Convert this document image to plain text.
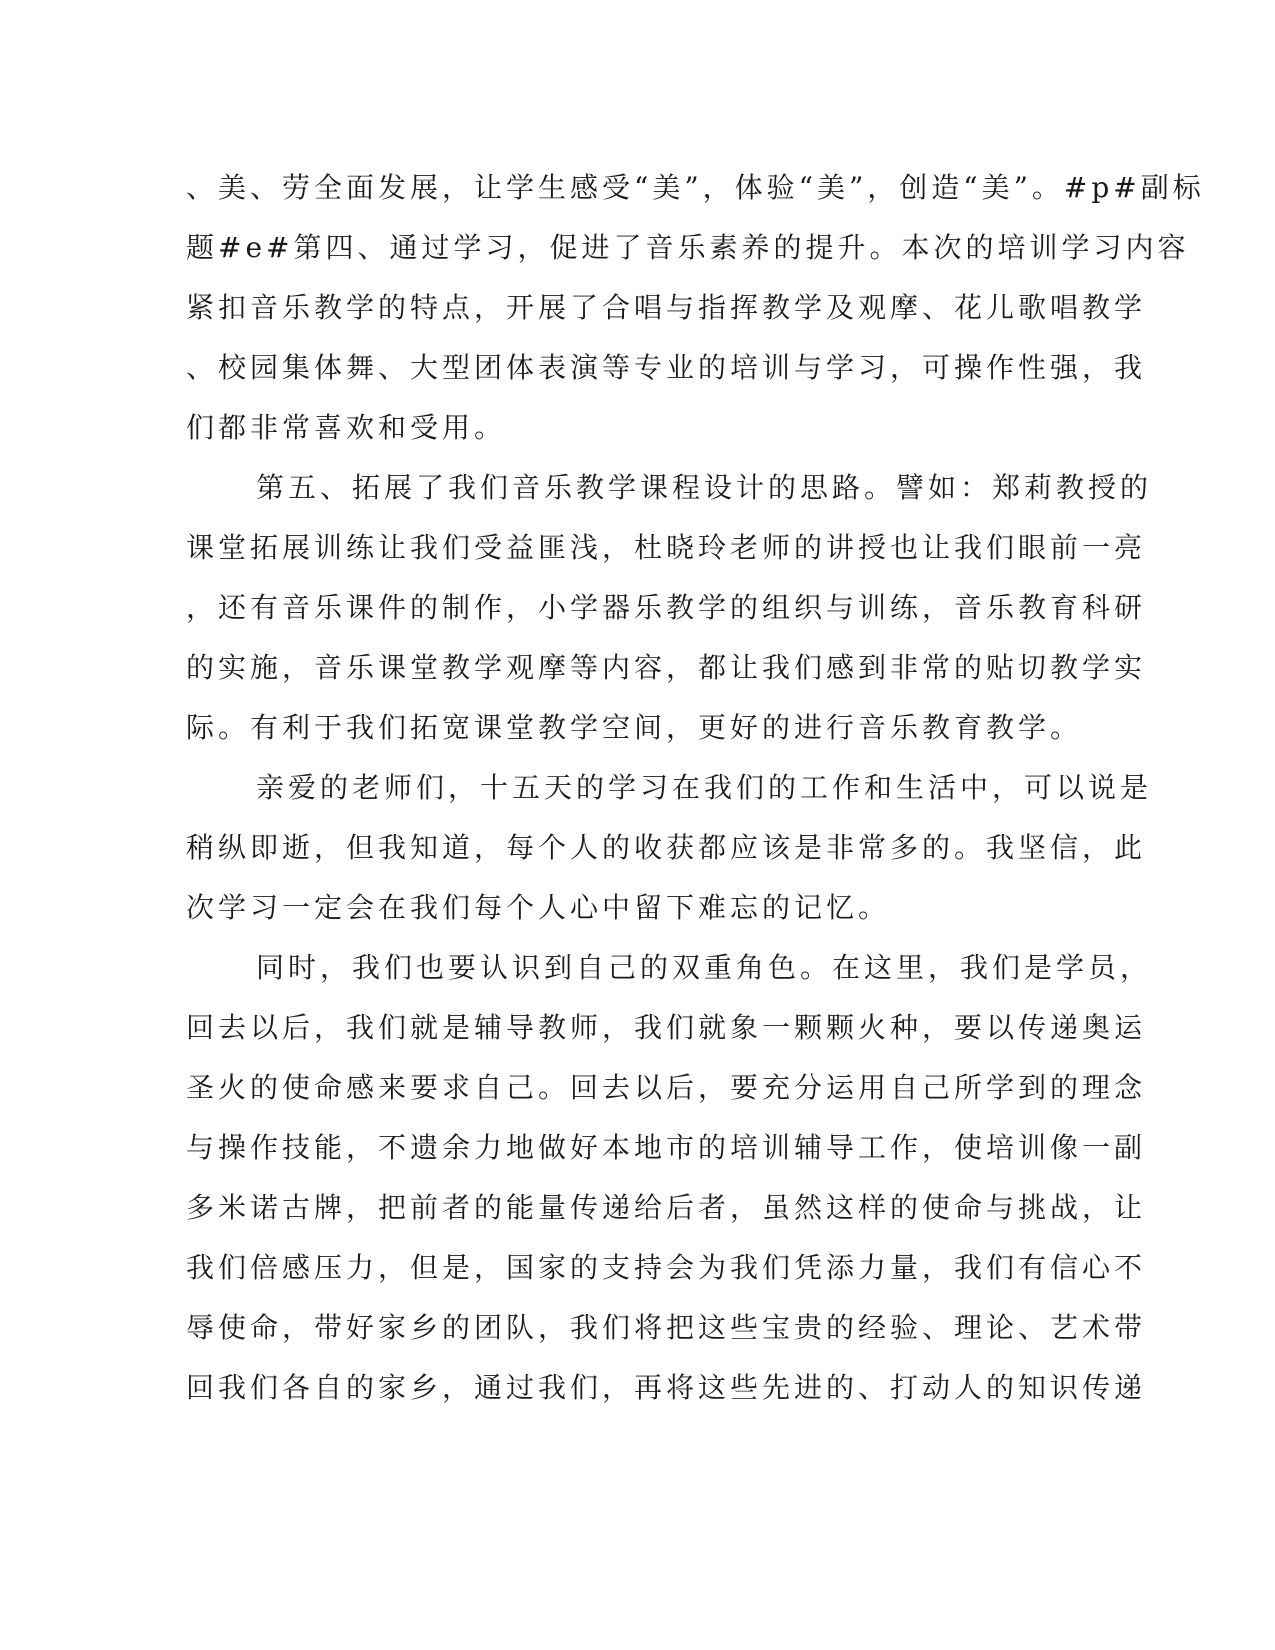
、美、劳全面发展，让学生感受“美”，体验“美”，创造“美”。#p#副标
题#e#第四、通过学习，促进了音乐素养的提升。本次的培训学习内容
紧扣音乐教学的特点，开展了合唱与指挥教学及观摩、花儿歌唱教学
、校园集体舞、大型团体表演等专业的培训与学习，可操作性强，我
们都非常喜欢和受用。
第五、拓展了我们音乐教学课程设计的思路。譬如：郑莉教授的
课堂拓展训练让我们受益匪浅，杜晓玲老师的讲授也让我们眼前一亮
，还有音乐课件的制作，小学器乐教学的组织与训练，音乐教育科研
的实施，音乐课堂教学观摩等内容，都让我们感到非常的贴切教学实
际。有利于我们拓宽课堂教学空间，更好的进行音乐教育教学。
亲爱的老师们，十五天的学习在我们的工作和生活中，可以说是
稍纵即逝，但我知道，每个人的收获都应该是非常多的。我坚信，此
次学习一定会在我们每个人心中留下难忘的记忆。
同时，我们也要认识到自己的双重角色。在这里，我们是学员，
回去以后，我们就是辅导教师，我们就象一颗颗火种，要以传递奥运
圣火的使命感来要求自己。回去以后，要充分运用自己所学到的理念
与操作技能，不遗余力地做好本地市的培训辅导工作，使培训像一副
多米诺古牌，把前者的能量传递给后者，虽然这样的使命与挑战，让
我们倍感压力，但是，国家的支持会为我们凭添力量，我们有信心不
辱使命，带好家乡的团队，我们将把这些宝贵的经验、理论、艺术带
回我们各自的家乡，通过我们，再将这些先进的、打动人的知识传递
